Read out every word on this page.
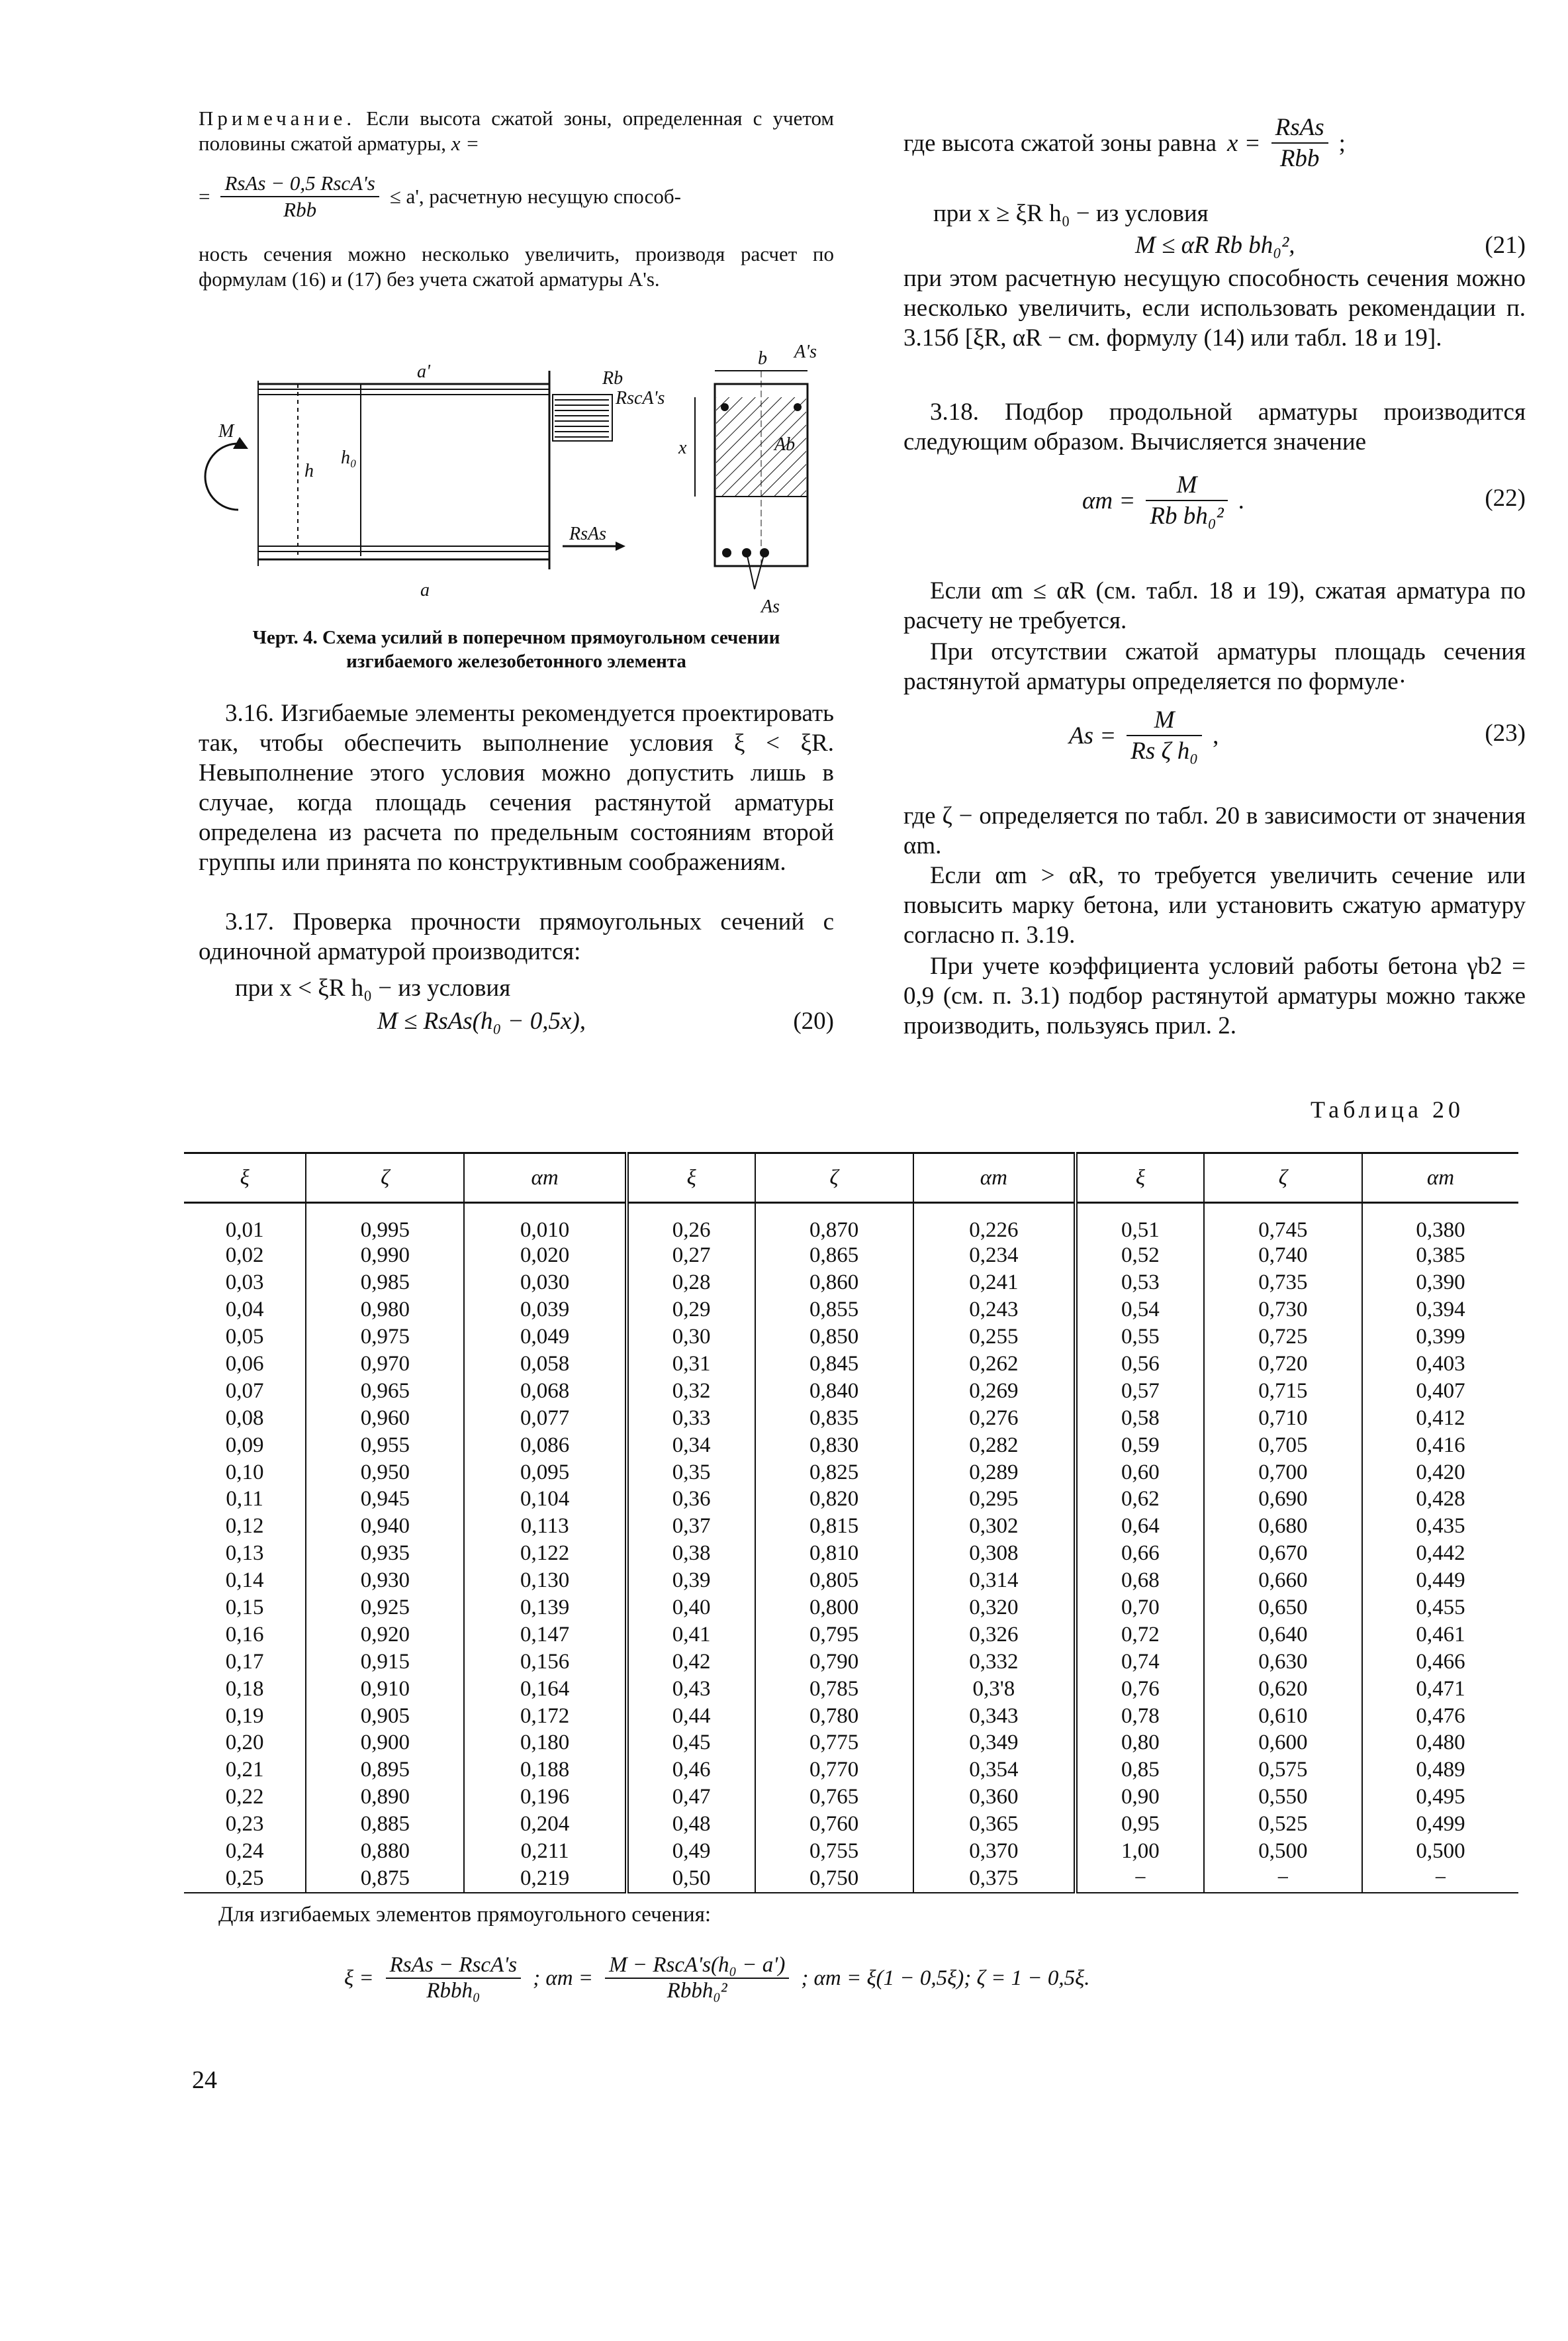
Примечание. Если высота сжатой зоны, определенная с учетом половины сжатой арматуры, x =
= $\frac{\text{RsAs − 0,5 RscA's}}{\text{Rbb}} \le a'$, расчетную несущую способ-
ность сечения можно несколько увеличить, производя расчет по формулам (16) и (17) без учета сжатой арматуры A's.
M
h
h₀
a'
a
Rb
RscA's
RsAs
x
b
Ab
A's
As
Черт. 4. Схема усилий в поперечном прямоугольном сечении изгибаемого железобетонного элемента
3.16. Изгибаемые элементы рекомендуется проектировать так, чтобы обеспечить выполнение условия ξ < ξR. Невыполнение этого условия можно допустить лишь в случае, когда площадь сечения растянутой арматуры определена из расчета по предельным состояниям второй группы или принята по конструктивным соображениям.
3.17. Проверка прочности прямоугольных сечений с одиночной арматурой производится:
при x < ξR h₀ − из условия
M ≤ RsAs(h₀ − 0,5x),	(20)
где высота сжатой зоны равна $x = \frac{\text{RsAs}}{\text{Rbb}}$ ;
при x ≥ ξR h₀ − из условия
M ≤ αR Rb bh₀²,	(21)
при этом расчетную несущую способность сечения можно несколько увеличить, если использовать рекомендации п. 3.15б [ξR, αR − см. формулу (14) или табл. 18 и 19].
3.18. Подбор продольной арматуры производится следующим образом. Вычисляется значение
$\alpha m = \frac{M}{\text{Rb bh₀²}}$ .	(22)
Если αm ≤ αR (см. табл. 18 и 19), сжатая арматура по расчету не требуется.
При отсутствии сжатой арматуры площадь сечения растянутой арматуры определяется по формуле·
$As = \frac{M}{\text{Rs ζ h₀}}$ ,	(23)
где ζ − определяется по табл. 20 в зависимости от значения αm.
Если αm > αR, то требуется увеличить сечение или повысить марку бетона, или установить сжатую арматуру согласно п. 3.19.
При учете коэффициента условий работы бетона γb2 = 0,9 (см. п. 3.1) подбор растянутой арматуры можно также производить, пользуясь прил. 2.
Таблица 20
ξ	ζ	αm	ξ	ζ	αm	ξ	ζ	αm
0,01	0,995	0,010	0,26	0,870	0,226	0,51	0,745	0,380
0,02	0,990	0,020	0,27	0,865	0,234	0,52	0,740	0,385
0,03	0,985	0,030	0,28	0,860	0,241	0,53	0,735	0,390
0,04	0,980	0,039	0,29	0,855	0,243	0,54	0,730	0,394
0,05	0,975	0,049	0,30	0,850	0,255	0,55	0,725	0,399
0,06	0,970	0,058	0,31	0,845	0,262	0,56	0,720	0,403
0,07	0,965	0,068	0,32	0,840	0,269	0,57	0,715	0,407
0,08	0,960	0,077	0,33	0,835	0,276	0,58	0,710	0,412
0,09	0,955	0,086	0,34	0,830	0,282	0,59	0,705	0,416
0,10	0,950	0,095	0,35	0,825	0,289	0,60	0,700	0,420
0,11	0,945	0,104	0,36	0,820	0,295	0,62	0,690	0,428
0,12	0,940	0,113	0,37	0,815	0,302	0,64	0,680	0,435
0,13	0,935	0,122	0,38	0,810	0,308	0,66	0,670	0,442
0,14	0,930	0,130	0,39	0,805	0,314	0,68	0,660	0,449
0,15	0,925	0,139	0,40	0,800	0,320	0,70	0,650	0,455
0,16	0,920	0,147	0,41	0,795	0,326	0,72	0,640	0,461
0,17	0,915	0,156	0,42	0,790	0,332	0,74	0,630	0,466
0,18	0,910	0,164	0,43	0,785	0,3'8	0,76	0,620	0,471
0,19	0,905	0,172	0,44	0,780	0,343	0,78	0,610	0,476
0,20	0,900	0,180	0,45	0,775	0,349	0,80	0,600	0,480
0,21	0,895	0,188	0,46	0,770	0,354	0,85	0,575	0,489
0,22	0,890	0,196	0,47	0,765	0,360	0,90	0,550	0,495
0,23	0,885	0,204	0,48	0,760	0,365	0,95	0,525	0,499
0,24	0,880	0,211	0,49	0,755	0,370	1,00	0,500	0,500
0,25	0,875	0,219	0,50	0,750	0,375	−	−	−
Для изгибаемых элементов прямоугольного сечения:
$\xi = \frac{\text{RsAs − RscA's}}{\text{Rbbh₀}}$ ; $\alpha m = \frac{\text{M − RscA's(h₀ − a')}}{\text{Rbbh₀²}}$ ; αm = ξ(1 − 0,5ξ); ζ = 1 − 0,5ξ.
24
